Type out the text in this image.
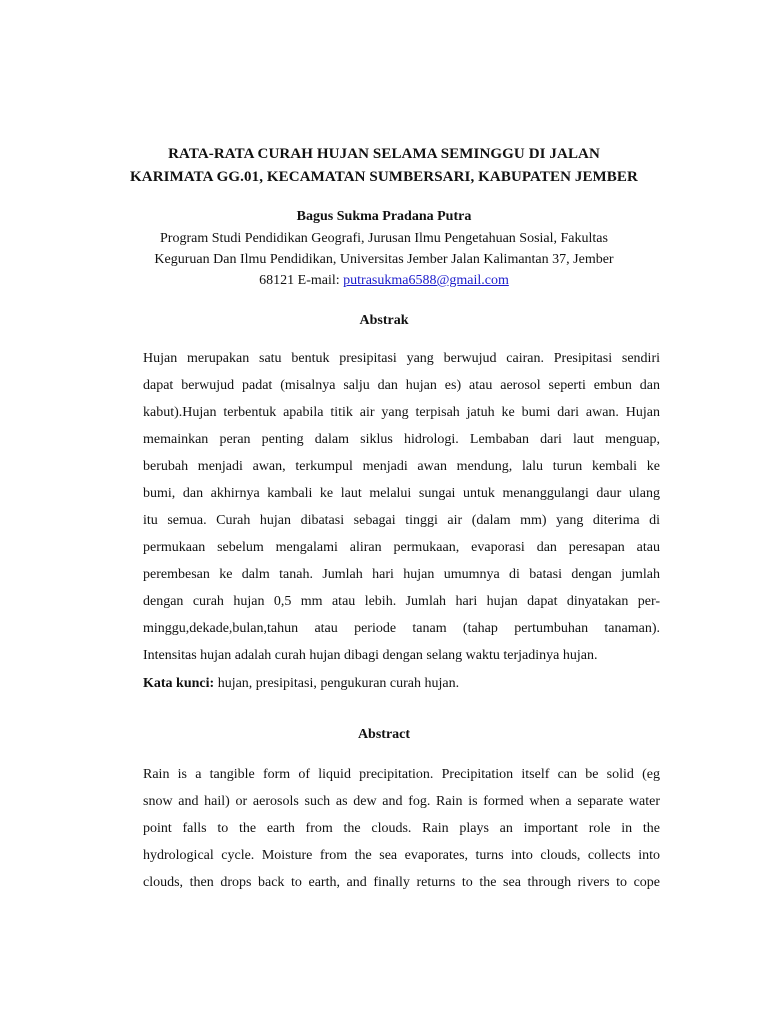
RATA-RATA CURAH HUJAN SELAMA SEMINGGU DI JALAN
KARIMATA GG.01, KECAMATAN SUMBERSARI, KABUPATEN JEMBER
Bagus Sukma Pradana Putra
Program Studi Pendidikan Geografi, Jurusan Ilmu Pengetahuan Sosial, Fakultas
Keguruan Dan Ilmu Pendidikan, Universitas Jember Jalan Kalimantan 37, Jember
68121 E-mail: putrasukma6588@gmail.com
Abstrak
Hujan merupakan satu bentuk presipitasi yang berwujud cairan. Presipitasi sendiri
dapat berwujud padat (misalnya salju dan hujan es) atau aerosol seperti embun dan
kabut).Hujan terbentuk apabila titik air yang terpisah jatuh ke bumi dari awan. Hujan
memainkan peran penting dalam siklus hidrologi. Lembaban dari laut menguap,
berubah menjadi awan, terkumpul menjadi awan mendung, lalu turun kembali ke
bumi, dan akhirnya kambali ke laut melalui sungai untuk menanggulangi daur ulang
itu semua. Curah hujan dibatasi sebagai tinggi air (dalam mm) yang diterima di
permukaan sebelum mengalami aliran permukaan, evaporasi dan peresapan atau
perembesan ke dalm tanah. Jumlah hari hujan umumnya di batasi dengan jumlah
dengan curah hujan 0,5 mm atau lebih. Jumlah hari hujan dapat dinyatakan per-
minggu,dekade,bulan,tahun atau periode tanam (tahap pertumbuhan tanaman).
Intensitas hujan adalah curah hujan dibagi dengan selang waktu terjadinya hujan.
Kata kunci: hujan, presipitasi, pengukuran curah hujan.
Abstract
Rain is a tangible form of liquid precipitation. Precipitation itself can be solid (eg
snow and hail) or aerosols such as dew and fog. Rain is formed when a separate water
point falls to the earth from the clouds. Rain plays an important role in the
hydrological cycle. Moisture from the sea evaporates, turns into clouds, collects into
clouds, then drops back to earth, and finally returns to the sea through rivers to cope
